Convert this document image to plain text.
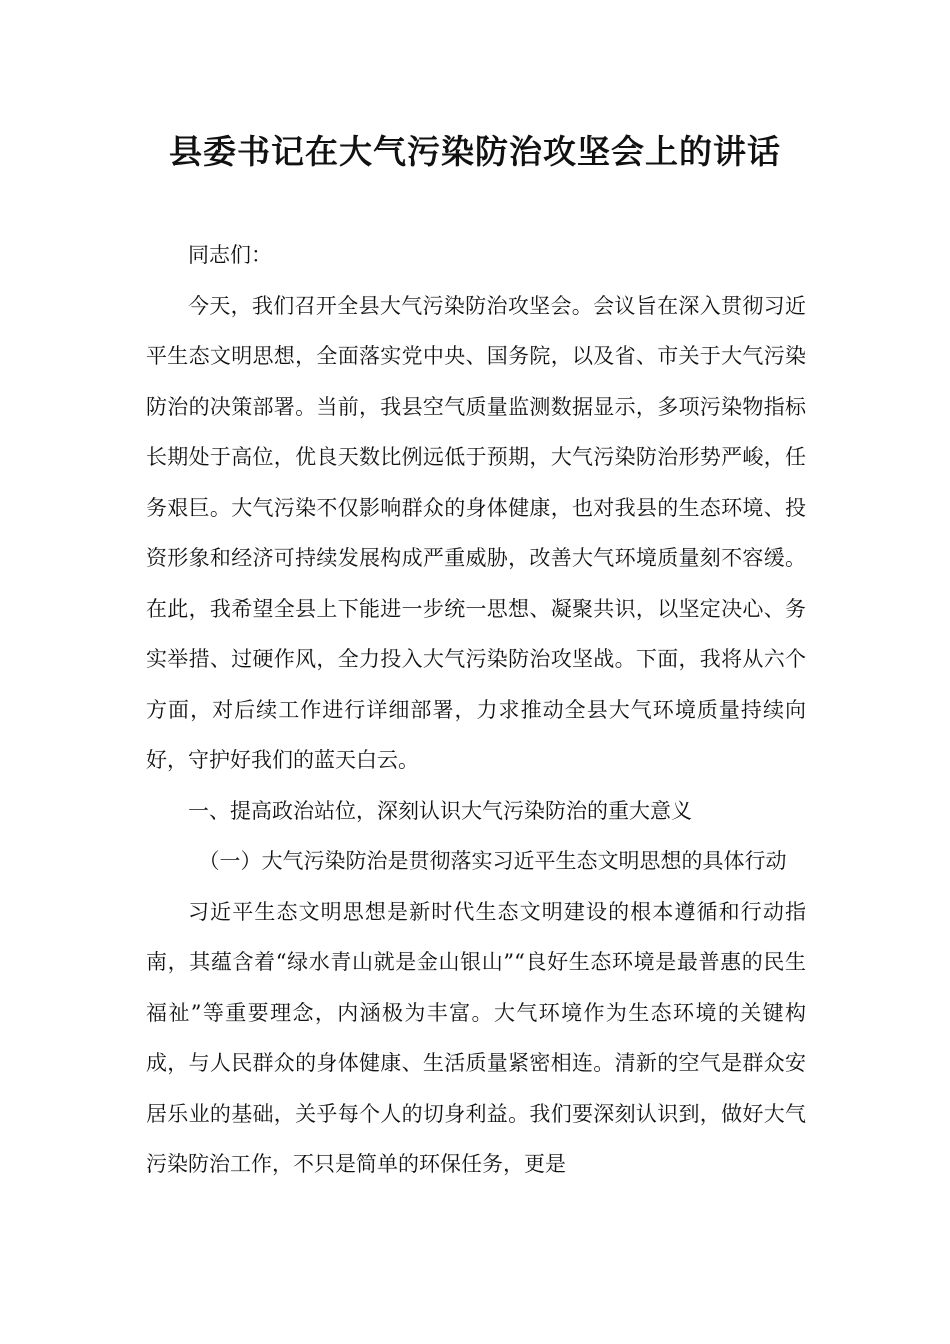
县委书记在大气污染防治攻坚会上的讲话

同志们：

今天，我们召开全县大气污染防治攻坚会。会议旨在深入贯彻习近平生态文明思想，全面落实党中央、国务院，以及省、市关于大气污染防治的决策部署。当前，我县空气质量监测数据显示，多项污染物指标长期处于高位，优良天数比例远低于预期，大气污染防治形势严峻，任务艰巨。大气污染不仅影响群众的身体健康，也对我县的生态环境、投资形象和经济可持续发展构成严重威胁，改善大气环境质量刻不容缓。在此，我希望全县上下能进一步统一思想、凝聚共识，以坚定决心、务实举措、过硬作风，全力投入大气污染防治攻坚战。下面，我将从六个方面，对后续工作进行详细部署，力求推动全县大气环境质量持续向好，守护好我们的蓝天白云。

一、提高政治站位，深刻认识大气污染防治的重大意义

（一）大气污染防治是贯彻落实习近平生态文明思想的具体行动

习近平生态文明思想是新时代生态文明建设的根本遵循和行动指南，其蕴含着“绿水青山就是金山银山”“良好生态环境是最普惠的民生福祉”等重要理念，内涵极为丰富。大气环境作为生态环境的关键构成，与人民群众的身体健康、生活质量紧密相连。清新的空气是群众安居乐业的基础，关乎每个人的切身利益。我们要深刻认识到，做好大气污染防治工作，不只是简单的环保任务，更是
